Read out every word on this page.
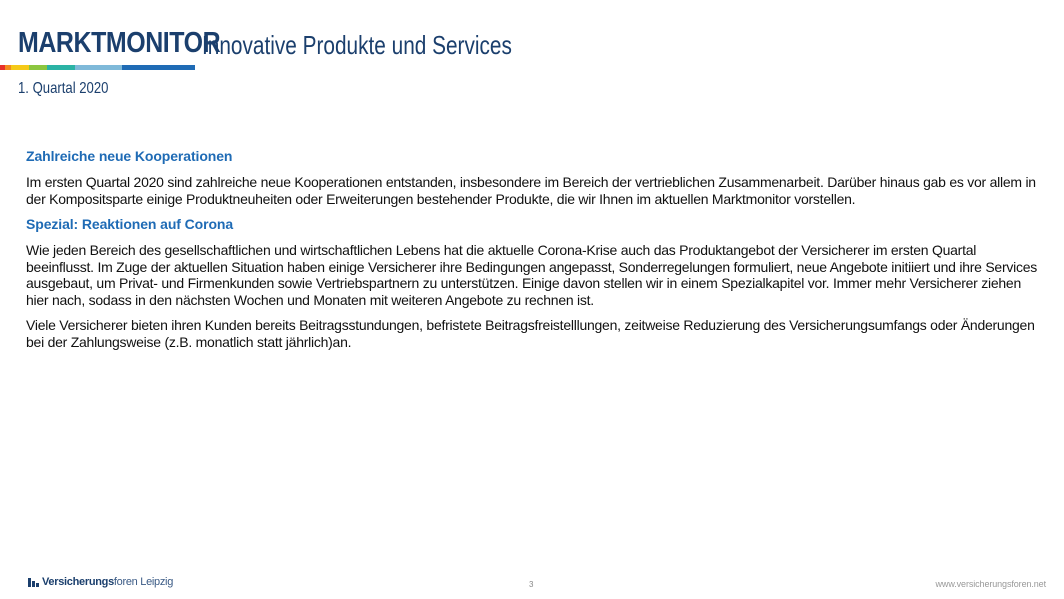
MARKTMONITOR
Innovative Produkte und Services
1. Quartal 2020
Zahlreiche neue Kooperationen

Im ersten Quartal 2020 sind zahlreiche neue Kooperationen entstanden, insbesondere im Bereich der vertrieblichen Zusammenarbeit. Darüber hinaus gab es vor allem in der Kompositsparte einige Produktneuheiten oder Erweiterungen bestehender Produkte, die wir Ihnen im aktuellen Marktmonitor vorstellen.

Spezial: Reaktionen auf Corona

Wie jeden Bereich des gesellschaftlichen und wirtschaftlichen Lebens hat die aktuelle Corona-Krise auch das Produktangebot der Versicherer im ersten Quartal beeinflusst. Im Zuge der aktuellen Situation haben einige Versicherer ihre Bedingungen angepasst, Sonderregelungen formuliert, neue Angebote initiiert und ihre Services ausgebaut, um Privat- und Firmenkunden sowie Vertriebspartnern zu unterstützen. Einige davon stellen wir in einem Spezialkapitel vor. Immer mehr Versicherer ziehen hier nach, sodass in den nächsten Wochen und Monaten mit weiteren Angebote zu rechnen ist.

Viele Versicherer bieten ihren Kunden bereits Beitragsstundungen, befristete Beitragsfreistelllungen, zeitweise Reduzierung des Versicherungsumfangs oder Änderungen bei der Zahlungsweise (z.B. monatlich statt jährlich)an.

Versicherungs foren Leipzig	3	www.versicherungsforen.net
